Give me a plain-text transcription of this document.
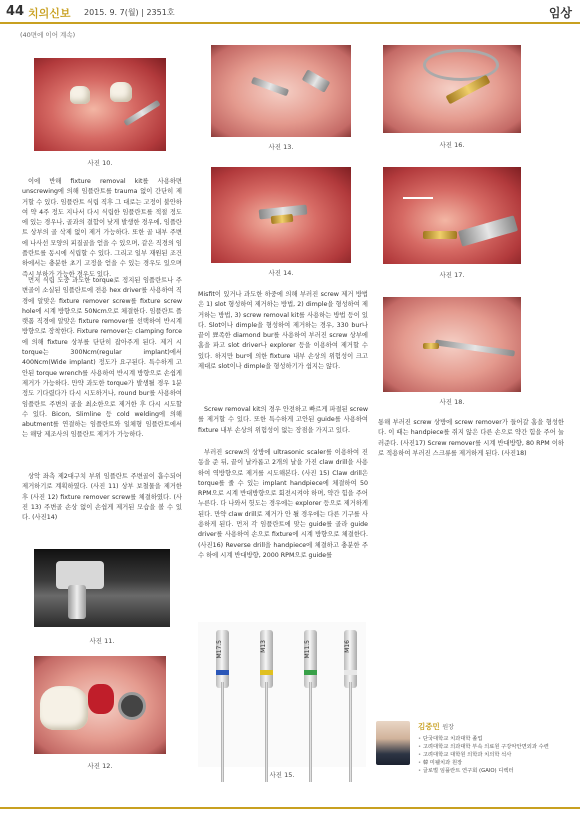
44 치의신보 2015. 9. 7(월) | 2351호	임상
(40면에 이어 계속)
사진 10.
이에 반해 fixture removal kit를 사용하면 unscrewing에 의해 임플란트를 trauma 없이 간단히 제거할 수 있다. 임플란트 식립 직후 그 대로는 고정이 불안하여 약 4주 정도 지나서 다시 식립한 임플란트를 적절 정도 에 있는 경우나, 골과의 결합이 낮게 발생한 경우에, 임플란트 상부의 골 삭제 없이 제거 가능하다. 또한 골 내부 주변에 나사선 모양의 피질골을 얻을 수 있으며, 같은 직경의 임플란트를 동시에 식립할 수 있다. 그리고 일부 재원된 조건 하에서는 충분한 초기 고정을 얻을 수 있는 경우도 있으며 즉시 부하가 가능한 경우도 있다.
먼저 식립 도중 과도한 torque로 정지된 임플란트나 주변골이 소실된 임플란트에 전용 hex driver를 사용하여 직경에 알맞은 fixture remover screw를 fixture screw hole에 시계 방향으로 50Ncm으로 체결한다. 임플란트 플랫폼 직경에 알맞은 fixture remover를 선택하여 반시계 방향으로 장착한다. Fixture remover는 clamping force에 의해 fixture 상부를 단단히 잡아주게 된다. 제거 시 torque는 300Ncm(regular implant)에서 400Ncm(Wide implant) 정도가 요구된다. 특수하게 고안된 torque wrench를 사용하여 반시계 방향으로 손쉽게 제거가 가능하다. 만약 과도한 torque가 발생될 경우 1분 정도 기다렸다가 다시 시도하거나, round bur를 사용하여 임플란트 주변의 골을 최소한으로 제거한 후 다시 시도할 수 있다. Bicon, Slimline 등 cold welding에 의해 abutment를 연결하는 임플란트와 일체형 임플란트에서는 해당 제조사의 임플란트 제거가 가능하다.
상악 좌측 제2대구치 부위 임플란트 주변골이 흡수되어 제거하기로 계획하였다. (사진 11) 상부 보철물을 제거한 후 (사진 12) fixture remover screw를 체결하였다. (사진 13) 주변골 손상 없이 손쉽게 제거된 모습을 볼 수 있다. (사진14)
사진 11.
사진 12.
사진 13.
사진 14.
Misfit이 있거나 과도한 하중에 의해 부러진 screw 제거 방법은 1) slot 형성하여 제거하는 방법, 2) dimple을 형성하여 제거하는 방법, 3) screw removal kit를 사용하는 방법 등이 있다. Slot이나 dimple을 형성하여 제거하는 경우, 330 bur나 끝이 뾰족한 diamond bur를 사용하여 부러진 screw 상부에 홈을 파고 slot driver나 explorer 등을 이용하여 제거할 수 있다. 하지만 bur에 의한 fixture 내부 손상의 위험성이 크고 제대로 slot이나 dimple을 형성하기가 쉽지는 않다.
Screw removal kit의 경우 안전하고 빠르게 파절된 screw를 제거할 수 있다. 또한 특수하게 고안된 guide를 사용하여 fixture 내부 손상의 위험성이 없는 장점을 가지고 있다.
부러진 screw의 상방에 ultrasonic scaler를 이용하여 진동을 준 뒤, 끝이 날카롭고 2개의 날을 가진 claw drill을 사용하여 역방향으로 제거를 시도해본다. (사진 15) Claw drill은 torque를 줄 수 있는 implant handpiece에 체결하여 50 RPM으로 시계 반대방향으로 회전시켜야 하며, 약간 힘을 주어 누른다. 다 나와서 헛도는 경우에는 explorer 등으로 제거하게 된다. 만약 claw drill로 제거가 안 될 경우에는 다른 기구를 사용하게 된다. 먼저 각 임플란트에 맞는 guide를 골라 guide driver를 사용하여 손으로 fixture에 시계 방향으로 체결한다. (사진16) Reverse drill을 handpiece에 체결하고 충분한 주수 하에 시계 반대방향, 2000 RPM으로 guide를
M17.5	M13	M11.5	M16
사진 15.
사진 16.
사진 17.
사진 18.
통해 부러진 screw 상방에 screw remover가 들어갈 홈을 형성한다. 이 때는 handpiece를 쥐지 않은 다른 손으로 약간 힘을 주어 눌러준다. (사진17) Screw remover를 시계 반대방향, 80 RPM 이하로 적용하여 부러진 스크류를 제거하게 된다. (사진18)
김중민 원장
• 단국대학교 치과대학 졸업
• 고려대학교 의과대학 부속 의료원 구강악안면외과 수련
• 고려대학교 대학원 의학과 치의학 석사
• 韓 미웰치과 원장
• 글로벌 임플란트 연구회 (GAIO) 디렉터
